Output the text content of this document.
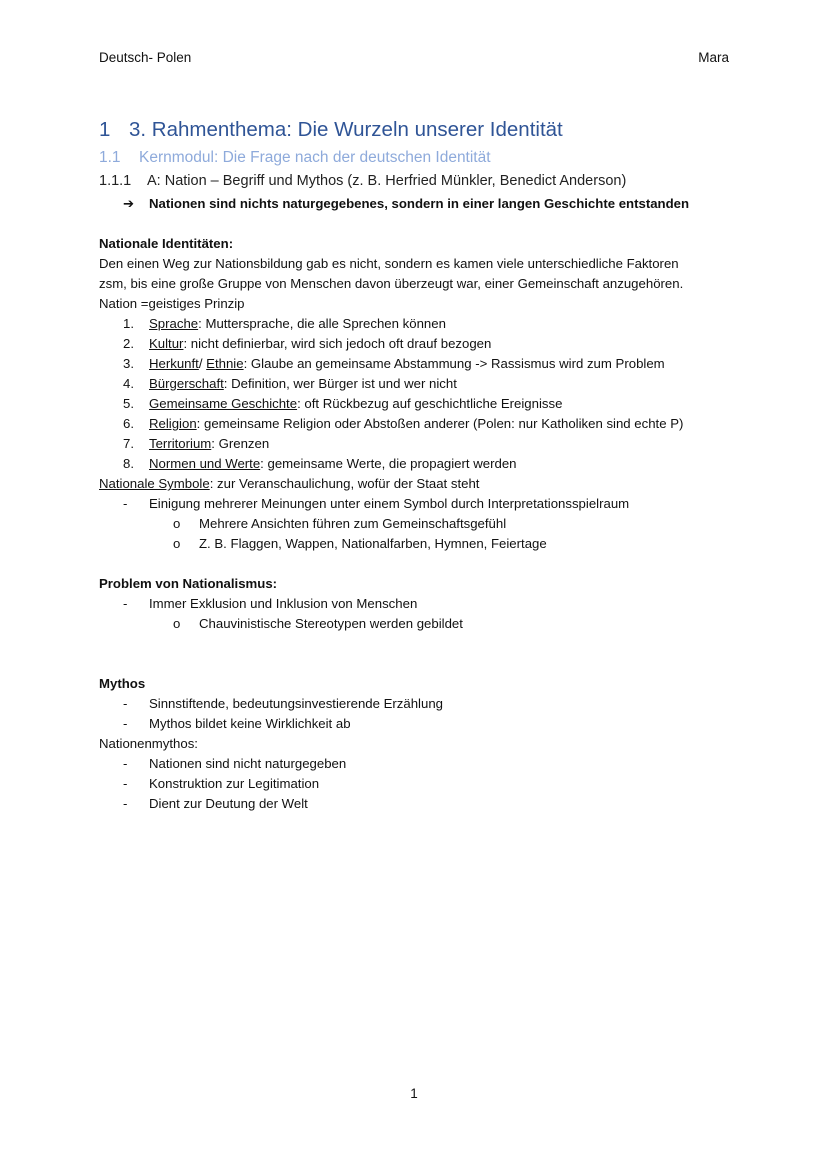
Deutsch- Polen	Mara
1 3. Rahmenthema: Die Wurzeln unserer Identität
1.1 Kernmodul: Die Frage nach der deutschen Identität
1.1.1 A: Nation – Begriff und Mythos (z. B. Herfried Münkler, Benedict Anderson)
➔ Nationen sind nichts naturgegebenes, sondern in einer langen Geschichte entstanden
Nationale Identitäten:
Den einen Weg zur Nationsbildung gab es nicht, sondern es kamen viele unterschiedliche Faktoren
zsm, bis eine große Gruppe von Menschen davon überzeugt war, einer Gemeinschaft anzugehören.
Nation =geistiges Prinzip
1. Sprache: Muttersprache, die alle Sprechen können
2. Kultur: nicht definierbar, wird sich jedoch oft drauf bezogen
3. Herkunft/ Ethnie: Glaube an gemeinsame Abstammung -> Rassismus wird zum Problem
4. Bürgerschaft: Definition, wer Bürger ist und wer nicht
5. Gemeinsame Geschichte: oft Rückbezug auf geschichtliche Ereignisse
6. Religion: gemeinsame Religion oder Abstoßen anderer (Polen: nur Katholiken sind echte P)
7. Territorium: Grenzen
8. Normen und Werte: gemeinsame Werte, die propagiert werden
Nationale Symbole: zur Veranschaulichung, wofür der Staat steht
- Einigung mehrerer Meinungen unter einem Symbol durch Interpretationsspielraum
o Mehrere Ansichten führen zum Gemeinschaftsgefühl
o Z. B. Flaggen, Wappen, Nationalfarben, Hymnen, Feiertage
Problem von Nationalismus:
- Immer Exklusion und Inklusion von Menschen
o Chauvinistische Stereotypen werden gebildet
Mythos
- Sinnstiftende, bedeutungsinvestierende Erzählung
- Mythos bildet keine Wirklichkeit ab
Nationenmythos:
- Nationen sind nicht naturgegeben
- Konstruktion zur Legitimation
- Dient zur Deutung der Welt
1
